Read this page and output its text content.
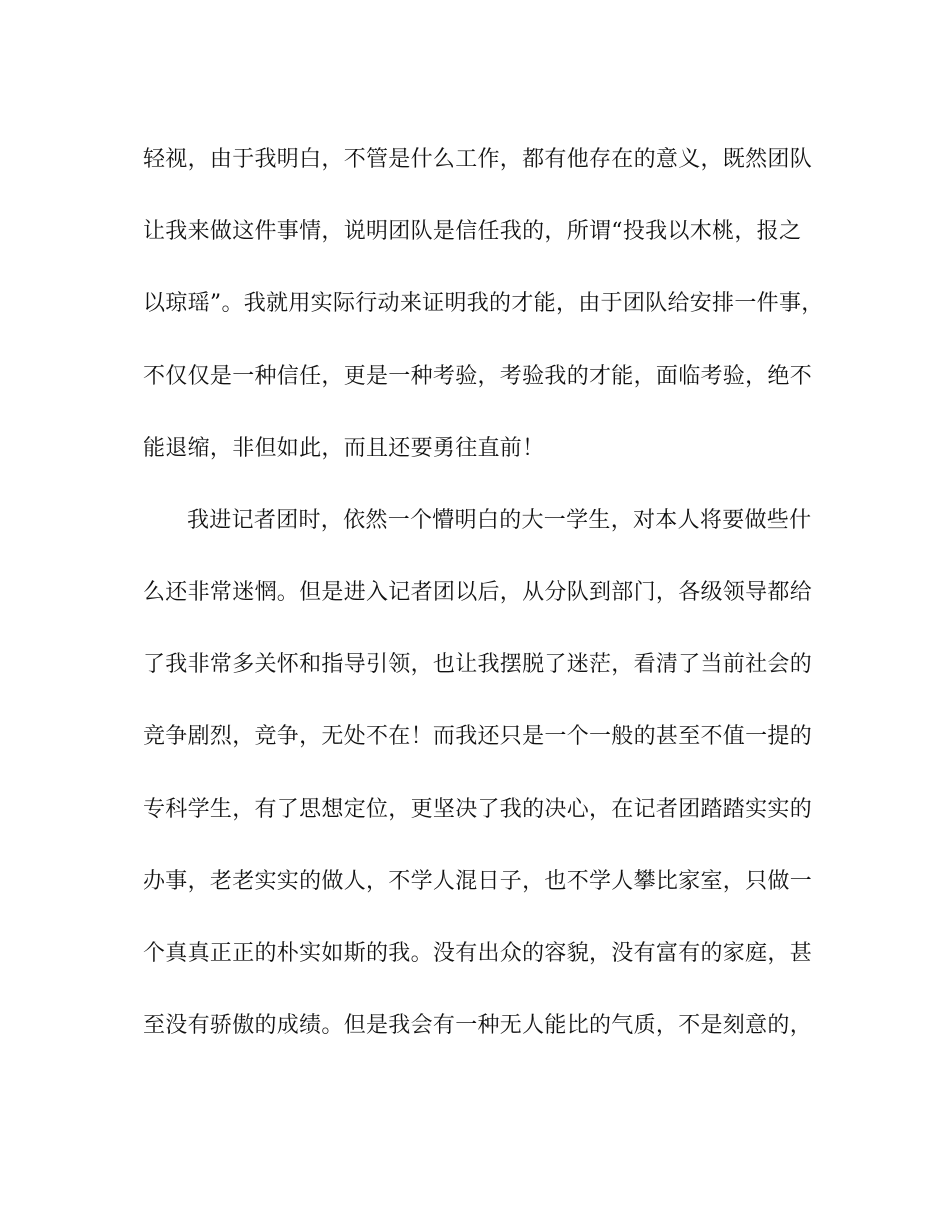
轻视，由于我明白，不管是什么工作，都有他存在的意义，既然团队
让我来做这件事情，说明团队是信任我的，所谓“投我以木桃，报之
以琼瑶”。我就用实际行动来证明我的才能，由于团队给安排一件事，
不仅仅是一种信任，更是一种考验，考验我的才能，面临考验，绝不
能退缩，非但如此，而且还要勇往直前！
我进记者团时，依然一个懵明白的大一学生，对本人将要做些什
么还非常迷惘。但是进入记者团以后，从分队到部门，各级领导都给
了我非常多关怀和指导引领，也让我摆脱了迷茫，看清了当前社会的
竞争剧烈，竞争，无处不在！而我还只是一个一般的甚至不值一提的
专科学生，有了思想定位，更坚决了我的决心，在记者团踏踏实实的
办事，老老实实的做人，不学人混日子，也不学人攀比家室，只做一
个真真正正的朴实如斯的我。没有出众的容貌，没有富有的家庭，甚
至没有骄傲的成绩。但是我会有一种无人能比的气质，不是刻意的，
